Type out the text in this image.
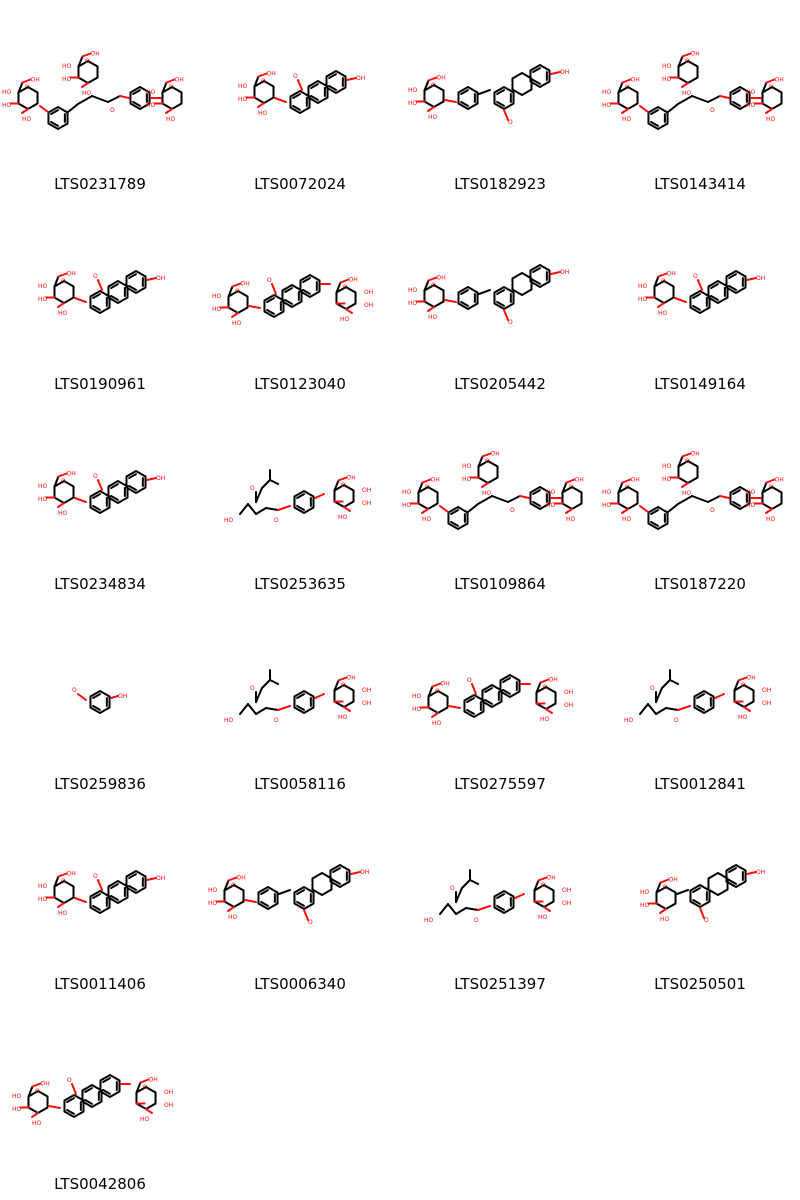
O
HO
HO
HO
OH
O
HO
HO
HO
OH
O
O
HO
HO
HO
OH
LTS0231789
O
HO
HO
HO
OH	O	OH
LTS0072024
O
HO
HO
HO
OH
OH
O
LTS0182923
O
HO
HO
HO
OH
O
HO
HO
HO
OH
O
O
HO
HO
HO
OH
LTS0143414
O
HO
HO
HO
OH	O	OH
LTS0190961
O
HO
HO
HO
OH	O
O
OH
OH
HO
OH
LTS0123040
O
HO
HO
HO
OH
OH
O
LTS0205442
O
HO
HO
HO
OH	O	OH
LTS0149164
O
HO
HO
HO
OH	O	OH
LTS0234834
HO
O
O
O
OH
OH
HO
OH
LTS0253635
O
HO
HO
HO
OH
O
HO
HO
HO
OH
O
O
HO
HO
HO
OH
LTS0109864
O
HO
HO
HO
OH
O
HO
HO
HO
OH
O
O
HO
HO
HO
OH
LTS0187220
O
OH
LTS0259836
HO
O
O
O
OH
OH
HO
OH
LTS0058116
O
HO
HO
HO
OH	O
O
OH
OH
HO
OH
LTS0275597
HO
O
O
O
OH
OH
HO
OH
LTS0012841
O
HO
HO
HO
OH	O	OH
LTS0011406
O
HO
HO
HO
OH
OH
O
LTS0006340
HO
O
O
O
OH
OH
HO
OH
LTS0251397
O
HO
HO
HO
OH
OH
O
LTS0250501
O
HO
HO
HO
OH	O
O
OH
OH
HO
OH
LTS0042806
